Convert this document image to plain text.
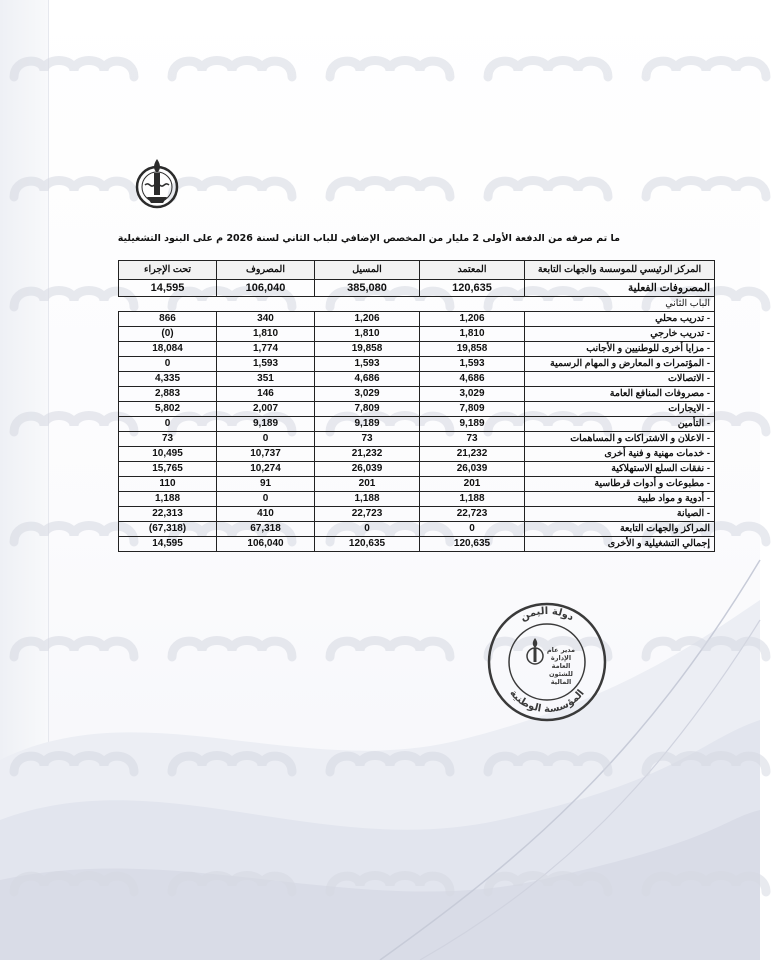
ما تم صرفه من الدفعة الأولى 2 مليار من المخصص الإضافي للباب الثاني لسنة 2026 م على البنود التشغيلية
المركز الرئيسي للموسسة والجهات التابعة	المعتمد	المسيل	المصروف	تحت الإجراء
المصروفات الفعلية	120,635	385,080	106,040	14,595
الباب الثاني				
- تدريب محلي	1,206	1,206	340	866
- تدريب خارجي	1,810	1,810	1,810	(0)
- مزايا أخرى للوطنيين و الأجانب	19,858	19,858	1,774	18,084
- المؤتمرات و المعارض و المهام الرسمية	1,593	1,593	1,593	0
- الاتصالات	4,686	4,686	351	4,335
- مصروفات المنافع العامة	3,029	3,029	146	2,883
- الايجارات	7,809	7,809	2,007	5,802
- التأمين	9,189	9,189	9,189	0
- الاعلان و الاشتراكات و المساهمات	73	73	0	73
- خدمات مهنية و فنية أخرى	21,232	21,232	10,737	10,495
- نفقات السلع الاستهلاكية	26,039	26,039	10,274	15,765
- مطبوعات و أدوات قرطاسية	201	201	91	110
- أدوية و مواد طبية	1,188	1,188	0	1,188
- الصيانة	22,723	22,723	410	22,313
المراكز والجهات التابعة	0	0	67,318	(67,318)
إجمالي التشغيلية و الأخرى	120,635	120,635	106,040	14,595
دولة اليمن
المؤسسة الوطنية
مدير عام الإدارة العامة للشئون المالية
